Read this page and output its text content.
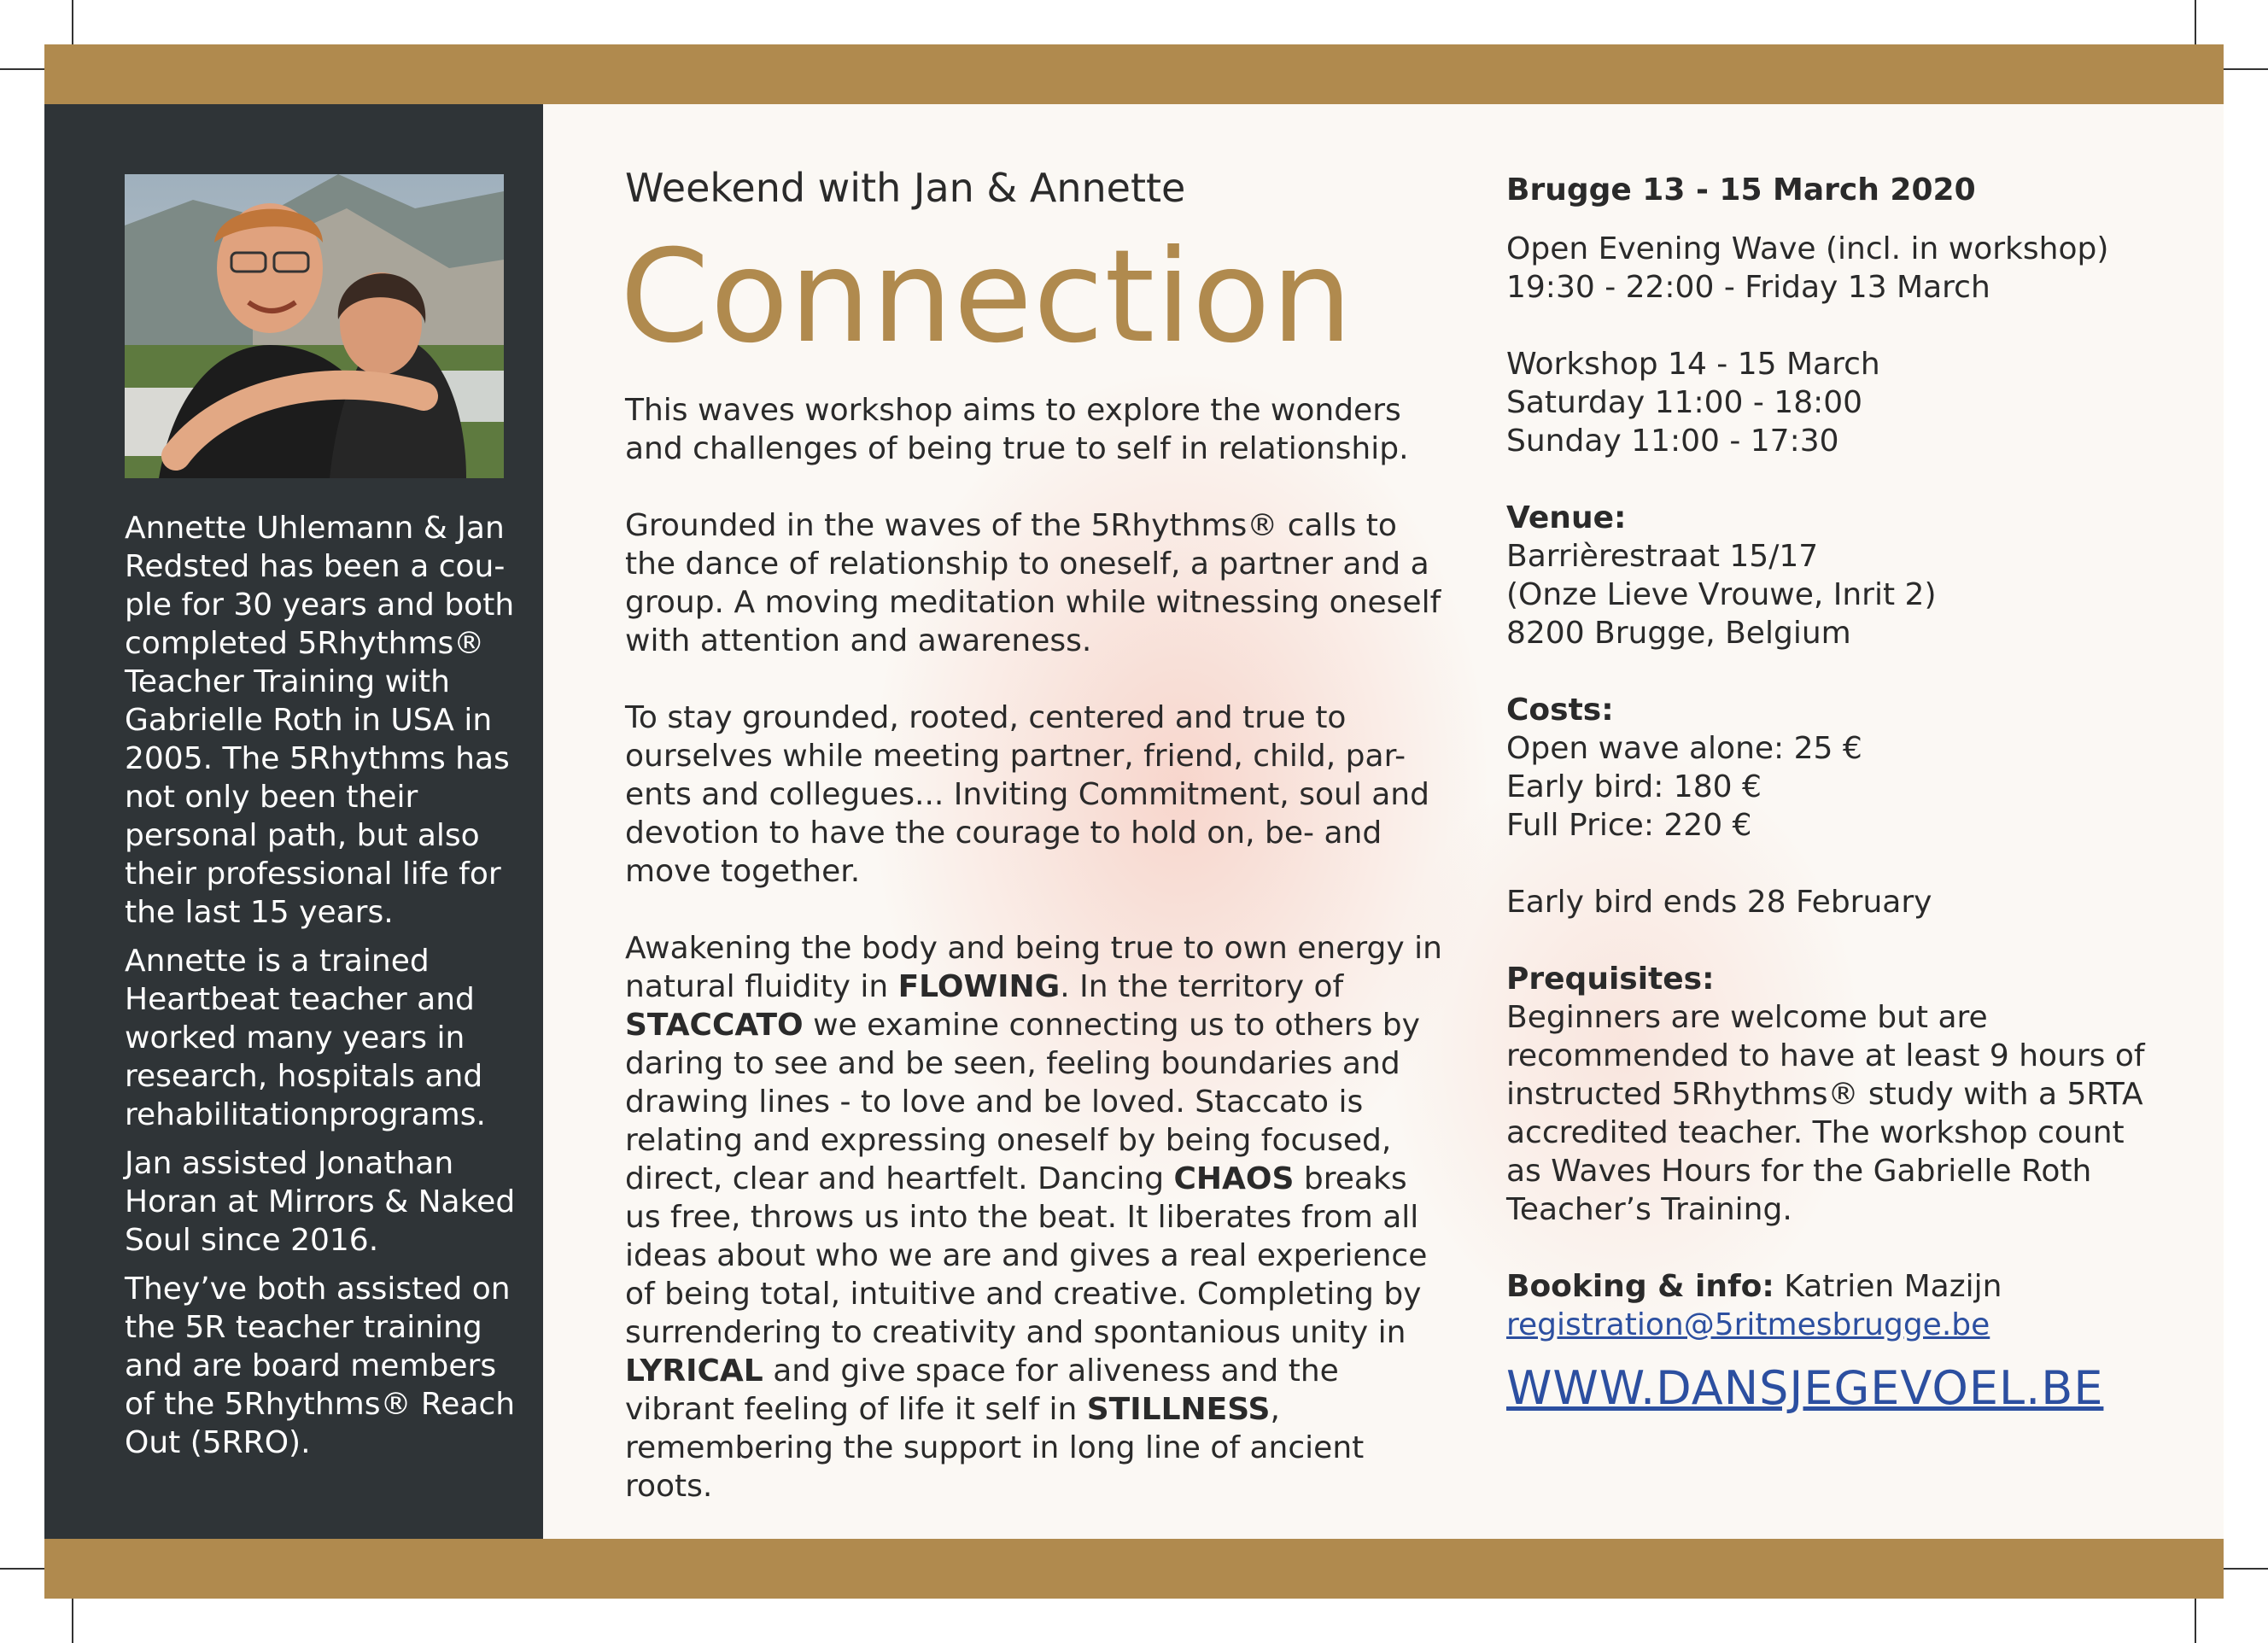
Annette Uhlemann & Jan Redsted has been a cou- ple for 30 years and both completed 5Rhythms® Teacher Training with Gabrielle Roth in USA in 2005. The 5Rhythms has not only been their personal path, but also their professional life for the last 15 years.

Annette is a trained Heartbeat teacher and worked many years in research, hospitals and rehabilitationprograms.

Jan assisted Jonathan Horan at Mirrors & Naked Soul since 2016.

They’ve both assisted on the 5R teacher training and are board members of the 5Rhythms® Reach Out (5RRO).

Weekend with Jan & Annette
Connection

This waves workshop aims to explore the wonders and challenges of being true to self in relationship.

Grounded in the waves of the 5Rhythms® calls to the dance of relationship to oneself, a partner and a group. A moving meditation while witnessing oneself with attention and awareness.

To stay grounded, rooted, centered and true to ourselves while meeting partner, friend, child, par- ents and collegues... Inviting Commitment, soul and devotion to have the courage to hold on, be- and move together.

Awakening the body and being true to own energy in natural fluidity in FLOWING. In the territory of STACCATO we examine connecting us to others by daring to see and be seen, feeling boundaries and drawing lines - to love and be loved. Staccato is relating and expressing oneself by being focused, direct, clear and heartfelt. Dancing CHAOS breaks us free, throws us into the beat. It liberates from all ideas about who we are and gives a real experience of being total, intuitive and creative. Completing by surrendering to creativity and spontanious unity in LYRICAL and give space for aliveness and the vibrant feeling of life it self in STILLNESS, remembering the support in long line of ancient roots.

Brugge 13 - 15 March 2020

Open Evening Wave (incl. in workshop)
19:30 - 22:00 - Friday 13 March

Workshop 14 - 15 March
Saturday 11:00 - 18:00
Sunday 11:00 - 17:30

Venue:
Barrièrestraat 15/17
(Onze Lieve Vrouwe, Inrit 2)
8200 Brugge, Belgium

Costs:
Open wave alone: 25 €
Early bird: 180 €
Full Price: 220 €

Early bird ends 28 February

Prequisites:
Beginners are welcome but are recommended to have at least 9 hours of instructed 5Rhythms® study with a 5RTA accredited teacher. The workshop count as Waves Hours for the Gabrielle Roth Teacher’s Training.

Booking & info: Katrien Mazijn
registration@5ritmesbrugge.be

WWW.DANSJEGEVOEL.BE
